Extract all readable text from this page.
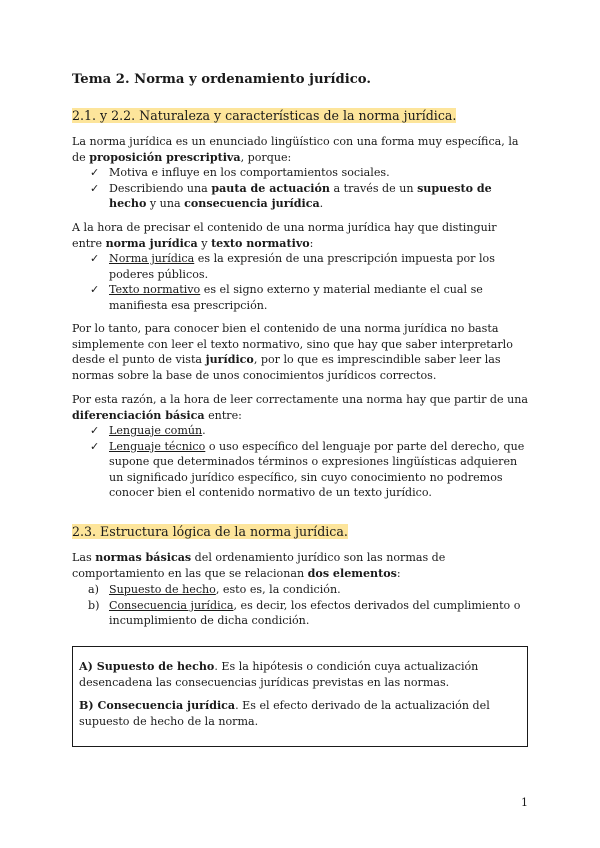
Tema 2. Norma y ordenamiento jurídico.
2.1. y 2.2. Naturaleza y características de la norma jurídica.

La norma jurídica es un enunciado lingüístico con una forma muy específica, la de proposición prescriptiva, porque:

✓ Motiva e influye en los comportamientos sociales.
✓ Describiendo una pauta de actuación a través de un supuesto de hecho y una consecuencia jurídica.

A la hora de precisar el contenido de una norma jurídica hay que distinguir entre norma jurídica y texto normativo:

✓ Norma jurídica es la expresión de una prescripción impuesta por los poderes públicos.
✓ Texto normativo es el signo externo y material mediante el cual se manifiesta esa prescripción.

Por lo tanto, para conocer bien el contenido de una norma jurídica no basta simplemente con leer el texto normativo, sino que hay que saber interpretarlo desde el punto de vista jurídico, por lo que es imprescindible saber leer las normas sobre la base de unos conocimientos jurídicos correctos.

Por esta razón, a la hora de leer correctamente una norma hay que partir de una diferenciación básica entre:

✓ Lenguaje común.
✓ Lenguaje técnico o uso específico del lenguaje por parte del derecho, que supone que determinados términos o expresiones lingüísticas adquieren un significado jurídico específico, sin cuyo conocimiento no podremos conocer bien el contenido normativo de un texto jurídico.
2.3. Estructura lógica de la norma jurídica.

Las normas básicas del ordenamiento jurídico son las normas de comportamiento en las que se relacionan dos elementos:

a) Supuesto de hecho, esto es, la condición.
b) Consecuencia jurídica, es decir, los efectos derivados del cumplimiento o incumplimiento de dicha condición.

A) Supuesto de hecho. Es la hipótesis o condición cuya actualización desencadena las consecuencias jurídicas previstas en las normas.

B) Consecuencia jurídica. Es el efecto derivado de la actualización del supuesto de hecho de la norma.

1
